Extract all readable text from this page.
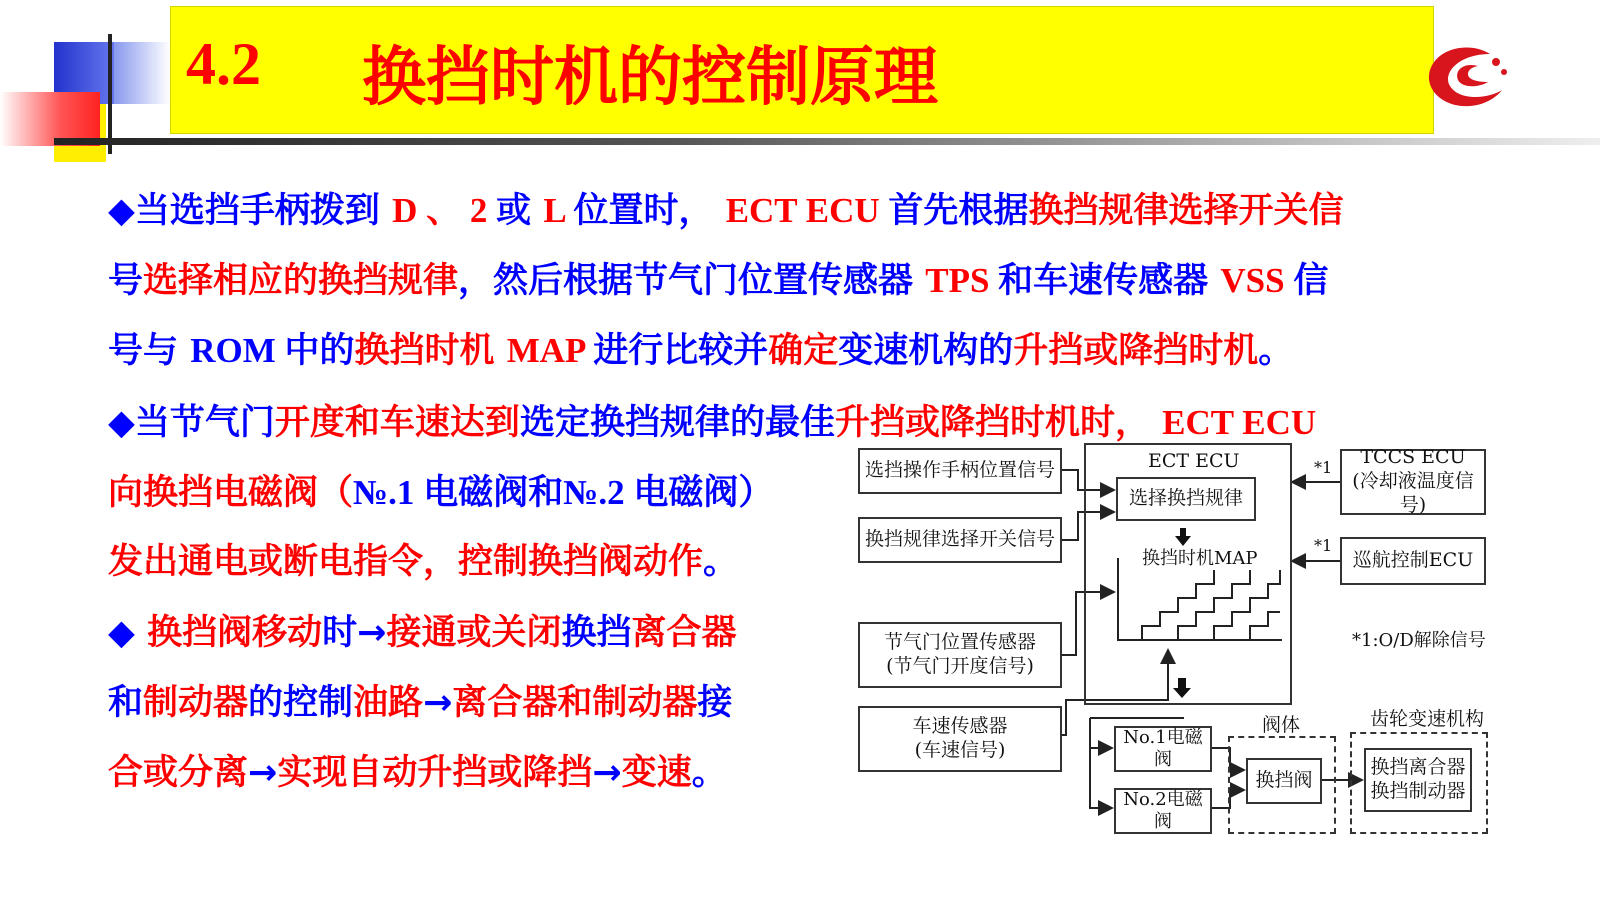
4.2 换挡时机的控制原理
◆当选挡手柄拨到 D 、 2 或 L 位置时， ECT ECU 首先根据换挡规律选择开关信
号选择相应的换挡规律，然后根据节气门位置传感器 TPS 和车速传感器 VSS 信
号与 ROM 中的换挡时机 MAP 进行比较并确定变速机构的升挡或降挡时机。
◆当节气门开度和车速达到选定换挡规律的最佳升挡或降挡时机时， ECT ECU
向换挡电磁阀（№.1 电磁阀和№.2 电磁阀）
发出通电或断电指令，控制换挡阀动作。
◆ 换挡阀移动时→接通或关闭换挡离合器
和制动器的控制油路→离合器和制动器接
合或分离→实现自动升挡或降挡→变速。
选挡操作手柄位置信号
换挡规律选择开关信号
节气门位置传感器
(节气门开度信号)
车速传感器
(车速信号)
ECT ECU
选择换挡规律
换挡时机MAP
TCCS ECU
(冷却液温度信号)
巡航控制ECU
*1
*1
*1:O/D解除信号
阀体	齿轮变速机构
No.1电磁阀
No.2电磁阀
换挡阀
换挡离合器
换挡制动器
